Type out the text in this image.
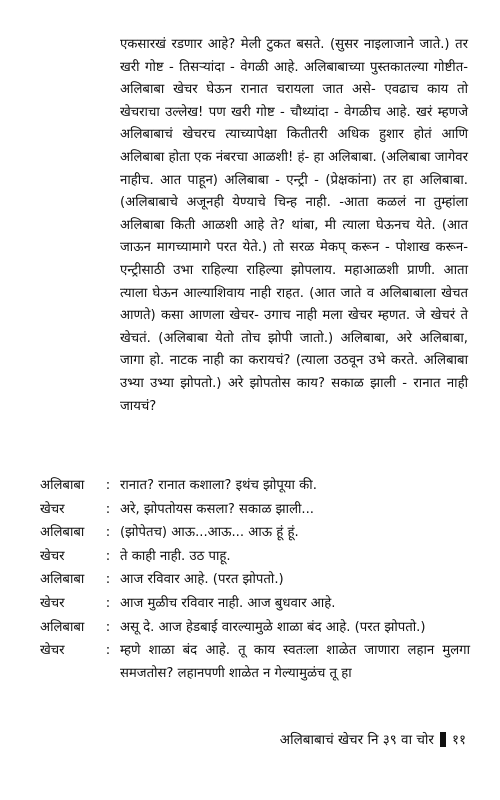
एकसारखं रडणार आहे? मेली टुकत बसते. (सुसर नाइलाजाने जाते.) तर खरी गोष्ट - तिसऱ्यांदा - वेगळी आहे. अलिबाबाच्या पुस्तकातल्या गोष्टीत- अलिबाबा खेचर घेऊन रानात चरायला जात असे- एवढाच काय तो खेचराचा उल्लेख! पण खरी गोष्ट - चौथ्यांदा - वेगळीच आहे. खरं म्हणजे अलिबाबाचं खेचरच त्याच्यापेक्षा कितीतरी अधिक हुशार होतं आणि अलिबाबा होता एक नंबरचा आळशी! हं- हा अलिबाबा. (अलिबाबा जागेवर नाहीच. आत पाहून) अलिबाबा - एन्ट्री - (प्रेक्षकांना) तर हा अलिबाबा. (अलिबाबाचे अजूनही येण्याचे चिन्ह नाही. -आता कळलं ना तुम्हांला अलिबाबा किती आळशी आहे ते? थांबा, मी त्याला घेऊनच येते. (आत जाऊन मागच्यामागे परत येते.) तो सरळ मेकप् करून - पोशाख करून- एन्ट्रीसाठी उभा राहिल्या राहिल्या झोपलाय. महाआळशी प्राणी. आता त्याला घेऊन आल्याशिवाय नाही राहत. (आत जाते व अलिबाबाला खेचत आणते) कसा आणला खेचर- उगाच नाही मला खेचर म्हणत. जे खेचरं ते खेचतं. (अलिबाबा येतो तोच झोपी जातो.) अलिबाबा, अरे अलिबाबा, जागा हो. नाटक नाही का करायचं? (त्याला उठवून उभे करते. अलिबाबा उभ्या उभ्या झोपतो.) अरे झोपतोस काय? सकाळ झाली - रानात नाही जायचं?

अलिबाबा	: रानात? रानात कशाला? इथंच झोपूया की.
खेचर	: अरे, झोपतोयस कसला? सकाळ झाली...
अलिबाबा	: (झोपेतच) आऊ...आऊ... आऊ हूं हूं.
खेचर	: ते काही नाही. उठ पाहू.
अलिबाबा	: आज रविवार आहे. (परत झोपतो.)
खेचर	: आज मुळीच रविवार नाही. आज बुधवार आहे.
अलिबाबा	: असू दे. आज हेडबाई वारल्यामुळे शाळा बंद आहे. (परत झोपतो.)
खेचर	: म्हणे शाळा बंद आहे. तू काय स्वतःला शाळेत जाणारा लहान मुलगा समजतोस? लहानपणी शाळेत न गेल्यामुळंच तू हा
अलिबाबाचं खेचर नि ३९ वा चोर ११
